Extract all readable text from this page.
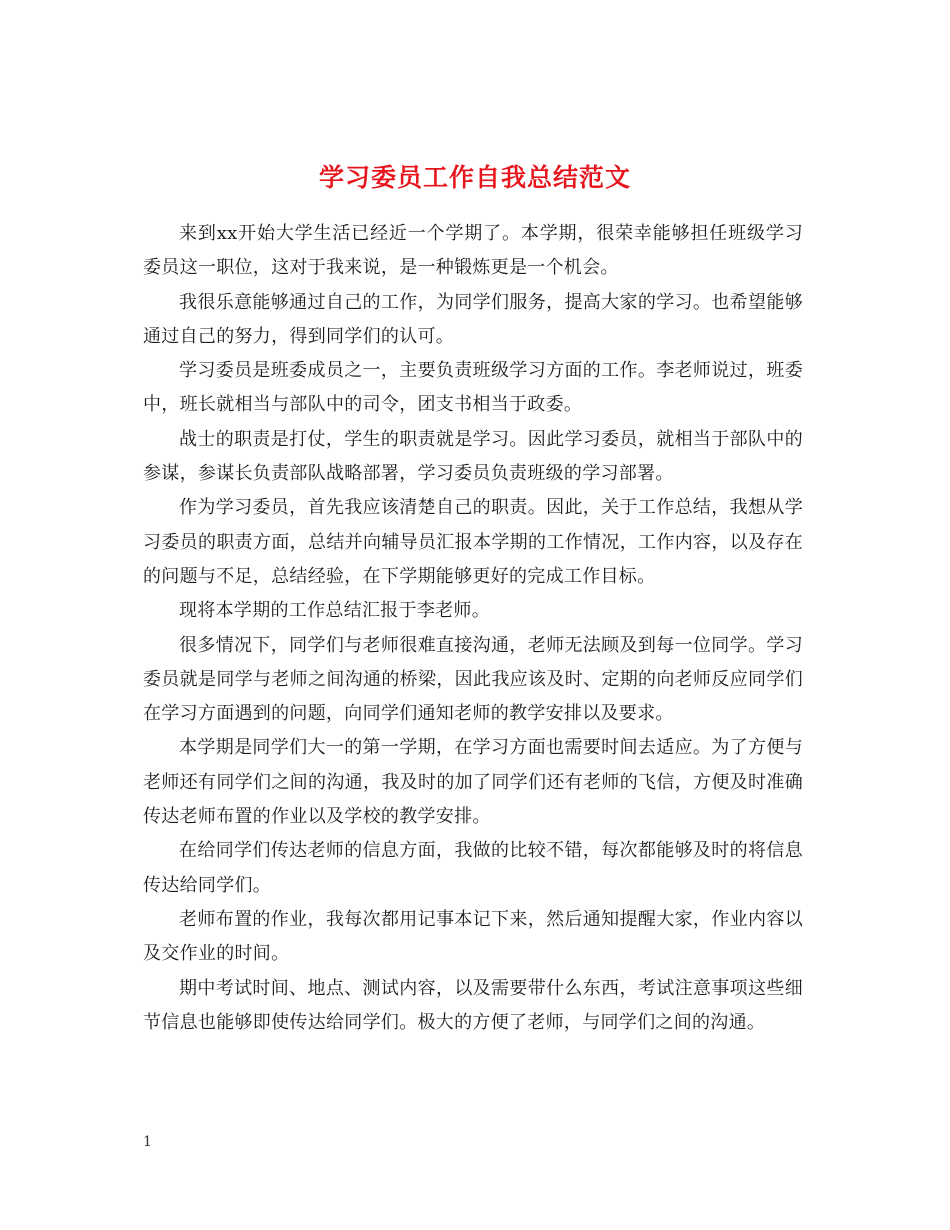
学习委员工作自我总结范文

来到xx开始大学生活已经近一个学期了。本学期，很荣幸能够担任班级学习委员这一职位，这对于我来说，是一种锻炼更是一个机会。

我很乐意能够通过自己的工作，为同学们服务，提高大家的学习。也希望能够通过自己的努力，得到同学们的认可。

学习委员是班委成员之一，主要负责班级学习方面的工作。李老师说过，班委中，班长就相当与部队中的司令，团支书相当于政委。

战士的职责是打仗，学生的职责就是学习。因此学习委员，就相当于部队中的参谋，参谋长负责部队战略部署，学习委员负责班级的学习部署。

作为学习委员，首先我应该清楚自己的职责。因此，关于工作总结，我想从学习委员的职责方面，总结并向辅导员汇报本学期的工作情况，工作内容，以及存在的问题与不足，总结经验，在下学期能够更好的完成工作目标。

现将本学期的工作总结汇报于李老师。

很多情况下，同学们与老师很难直接沟通，老师无法顾及到每一位同学。学习委员就是同学与老师之间沟通的桥梁，因此我应该及时、定期的向老师反应同学们在学习方面遇到的问题，向同学们通知老师的教学安排以及要求。

本学期是同学们大一的第一学期，在学习方面也需要时间去适应。为了方便与老师还有同学们之间的沟通，我及时的加了同学们还有老师的飞信，方便及时准确传达老师布置的作业以及学校的教学安排。

在给同学们传达老师的信息方面，我做的比较不错，每次都能够及时的将信息传达给同学们。

老师布置的作业，我每次都用记事本记下来，然后通知提醒大家，作业内容以及交作业的时间。

期中考试时间、地点、测试内容，以及需要带什么东西，考试注意事项这些细节信息也能够即使传达给同学们。极大的方便了老师，与同学们之间的沟通。

1
